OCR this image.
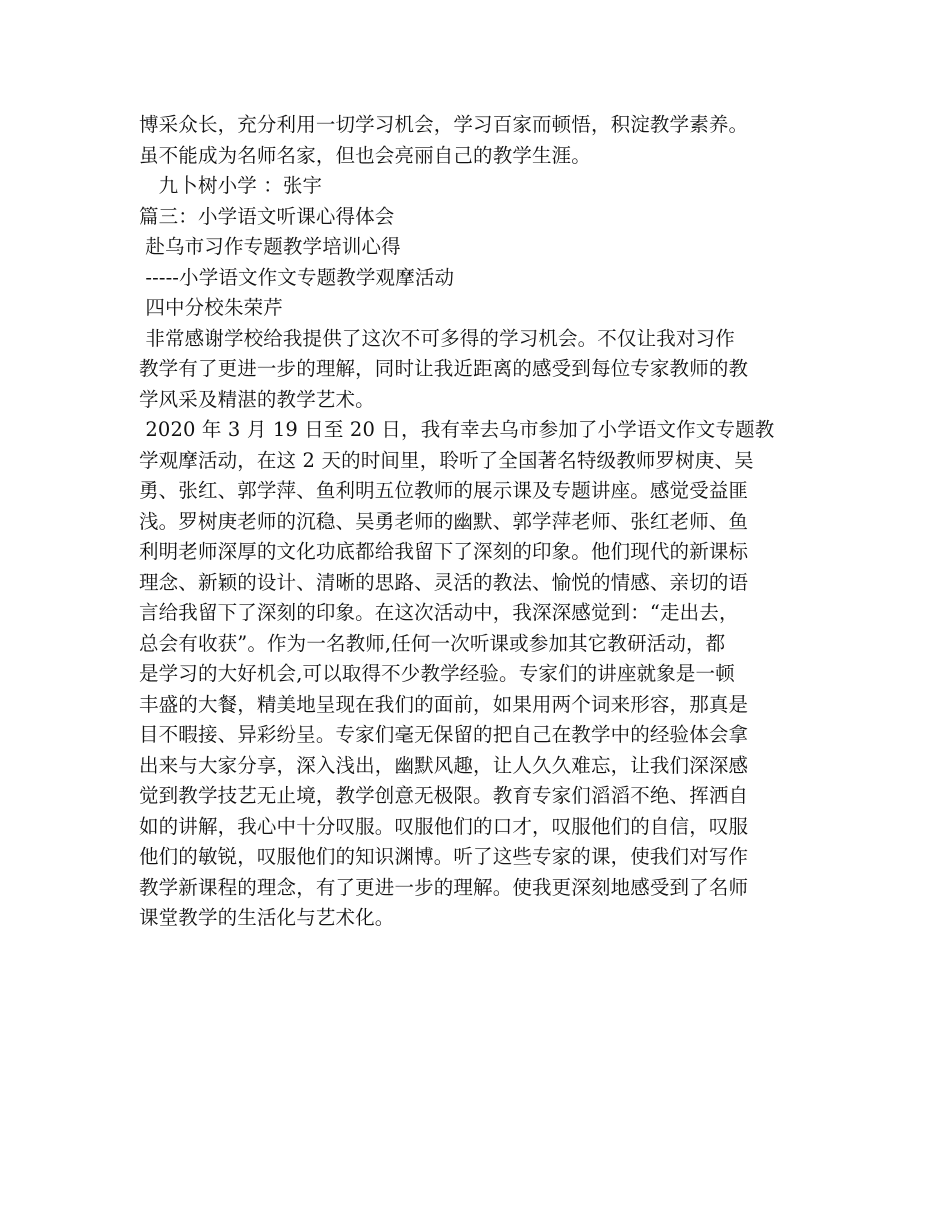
博采众长，充分利用一切学习机会，学习百家而顿悟，积淀教学素养。
虽不能成为名师名家，但也会亮丽自己的教学生涯。
　九卜树小学 ：张宇
篇三：小学语文听课心得体会
赴乌市习作专题教学培训心得
-----小学语文作文专题教学观摩活动
四中分校朱荣芹
非常感谢学校给我提供了这次不可多得的学习机会。不仅让我对习作
教学有了更进一步的理解，同时让我近距离的感受到每位专家教师的教
学风采及精湛的教学艺术。
2020 年 3 月 19 日至 20 日，我有幸去乌市参加了小学语文作文专题教
学观摩活动，在这 2 天的时间里，聆听了全国著名特级教师罗树庚、吴
勇、张红、郭学萍、鱼利明五位教师的展示课及专题讲座。感觉受益匪
浅。罗树庚老师的沉稳、吴勇老师的幽默、郭学萍老师、张红老师、鱼
利明老师深厚的文化功底都给我留下了深刻的印象。他们现代的新课标
理念、新颖的设计、清晰的思路、灵活的教法、愉悦的情感、亲切的语
言给我留下了深刻的印象。在这次活动中，我深深感觉到：“走出去，
总会有收获”。作为一名教师,任何一次听课或参加其它教研活动，都
是学习的大好机会,可以取得不少教学经验。专家们的讲座就象是一顿
丰盛的大餐，精美地呈现在我们的面前，如果用两个词来形容，那真是
目不暇接、异彩纷呈。专家们毫无保留的把自己在教学中的经验体会拿
出来与大家分享，深入浅出，幽默风趣，让人久久难忘，让我们深深感
觉到教学技艺无止境，教学创意无极限。教育专家们滔滔不绝、挥洒自
如的讲解，我心中十分叹服。叹服他们的口才，叹服他们的自信，叹服
他们的敏锐，叹服他们的知识渊博。听了这些专家的课，使我们对写作
教学新课程的理念，有了更进一步的理解。使我更深刻地感受到了名师
课堂教学的生活化与艺术化。
